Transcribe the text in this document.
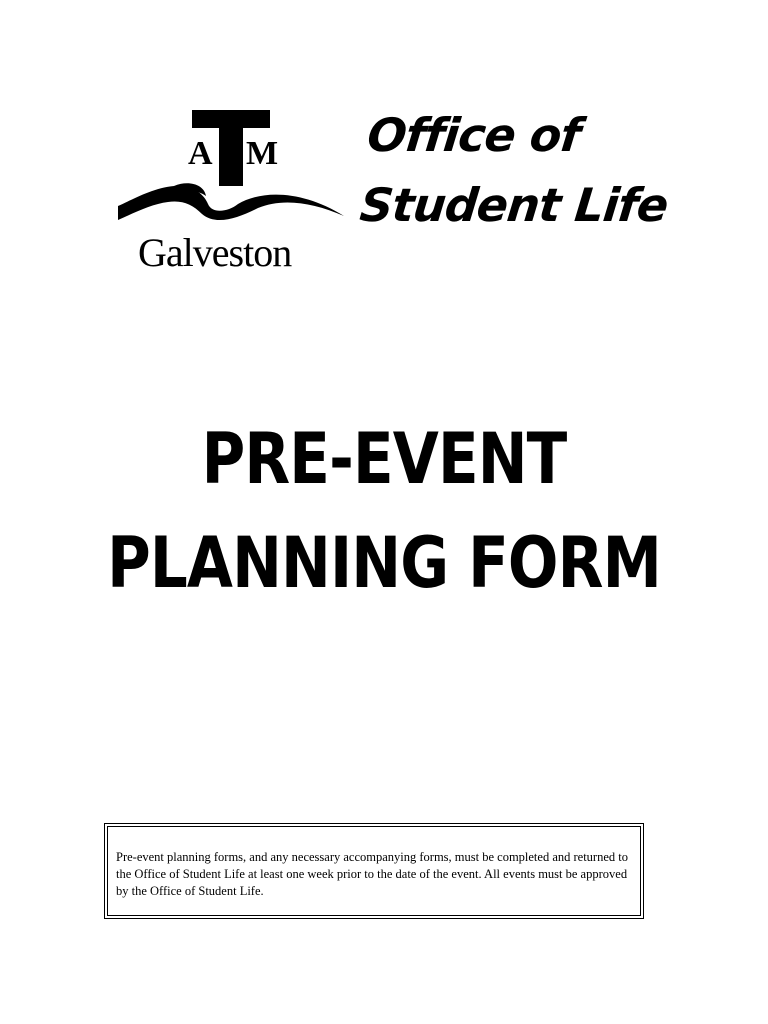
A M
Galveston
Office of
Student Life
PRE-EVENT
PLANNING FORM
Pre-event planning forms, and any necessary accompanying forms, must be completed and returned to the Office of Student Life at least one week prior to the date of the event. All events must be approved by the Office of Student Life.
